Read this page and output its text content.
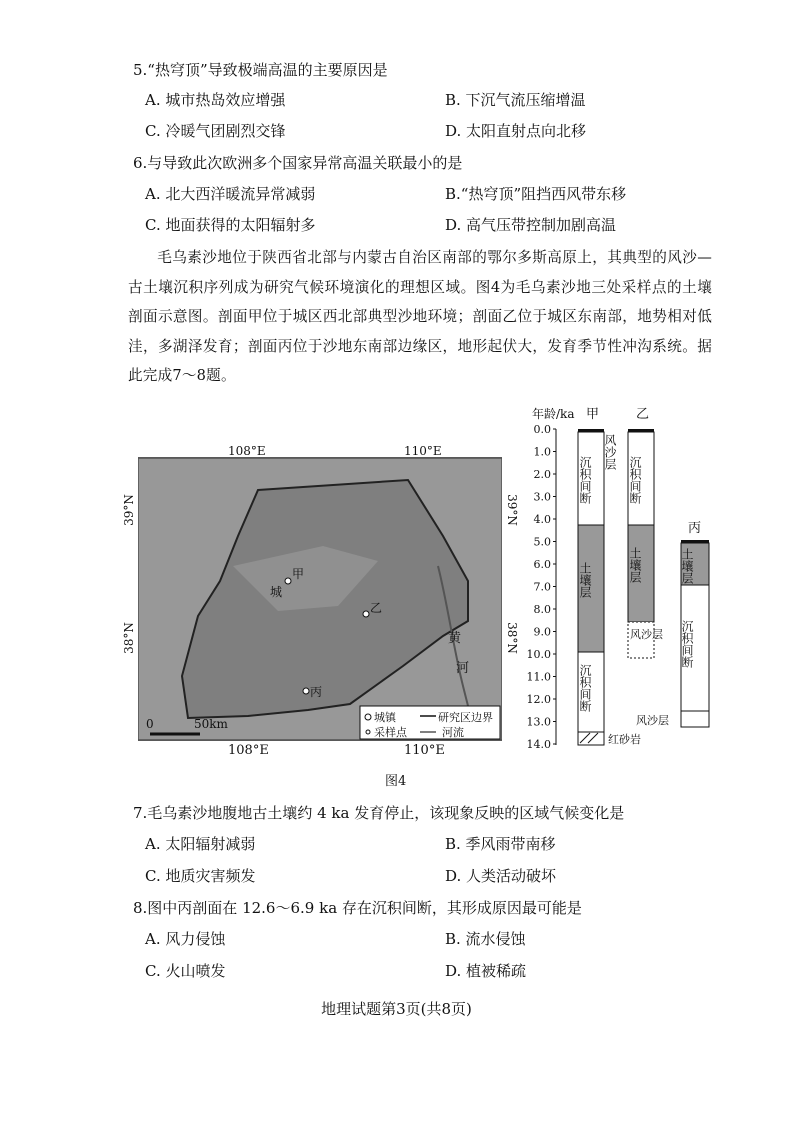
5.“热穹顶”导致极端高温的主要原因是
A. 城市热岛效应增强	B. 下沉气流压缩增温
C. 冷暖气团剧烈交锋	D. 太阳直射点向北移
6.与导致此次欧洲多个国家异常高温关联最小的是
A. 北大西洋暖流异常减弱	B.“热穹顶”阻挡西风带东移
C. 地面获得的太阳辐射多	D. 高气压带控制加剧高温
毛乌素沙地位于陕西省北部与内蒙古自治区南部的鄂尔多斯高原上，其典型的风沙—古土壤沉积序列成为研究气候环境演化的理想区域。图4为毛乌素沙地三处采样点的土壤剖面示意图。剖面甲位于城区西北部典型沙地环境；剖面乙位于城区东南部，地势相对低洼，多湖泽发育；剖面丙位于沙地东南部边缘区，地形起伏大，发育季节性冲沟系统。据此完成7～8题。
城
甲
乙
丙
黄
河
0	50km	城镇	研究区边界
采样点	河流
108°E	110°E
108°E	110°E
39°N
38°N
39°N
38°N
年龄/ka
0.0
1.0
2.0
3.0
4.0
5.0
6.0
7.0
8.0
9.0
10.0
11.0
12.0
13.0
14.0
甲
沉积间断
土壤层
沉积间断
风沙层
乙
沉积间断
土壤层
风沙层
丙
土壤层
沉积间断
风沙层
红砂岩
图4
7.毛乌素沙地腹地古土壤约 4 ka 发育停止，该现象反映的区域气候变化是
A. 太阳辐射减弱	B. 季风雨带南移
C. 地质灾害频发	D. 人类活动破坏
8.图中丙剖面在 12.6～6.9 ka 存在沉积间断，其形成原因最可能是
A. 风力侵蚀	B. 流水侵蚀
C. 火山喷发	D. 植被稀疏
地理试题第3页(共8页)
